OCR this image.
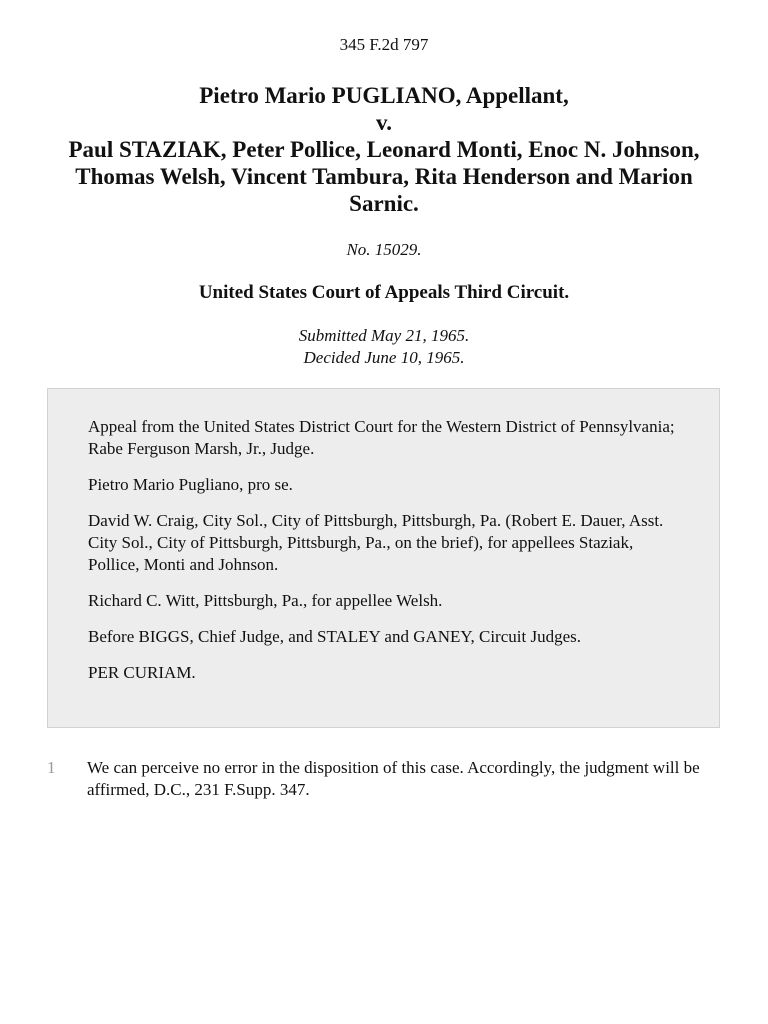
345 F.2d 797
Pietro Mario PUGLIANO, Appellant,
v.
Paul STAZIAK, Peter Pollice, Leonard Monti, Enoc N. Johnson, Thomas Welsh, Vincent Tambura, Rita Henderson and Marion Sarnic.
No. 15029.
United States Court of Appeals Third Circuit.
Submitted May 21, 1965.
Decided June 10, 1965.

Appeal from the United States District Court for the Western District of Pennsylvania; Rabe Ferguson Marsh, Jr., Judge.

Pietro Mario Pugliano, pro se.

David W. Craig, City Sol., City of Pittsburgh, Pittsburgh, Pa. (Robert E. Dauer, Asst. City Sol., City of Pittsburgh, Pittsburgh, Pa., on the brief), for appellees Staziak, Pollice, Monti and Johnson.

Richard C. Witt, Pittsburgh, Pa., for appellee Welsh.

Before BIGGS, Chief Judge, and STALEY and GANEY, Circuit Judges.

PER CURIAM.

1 We can perceive no error in the disposition of this case. Accordingly, the judgment will be affirmed, D.C., 231 F.Supp. 347.
